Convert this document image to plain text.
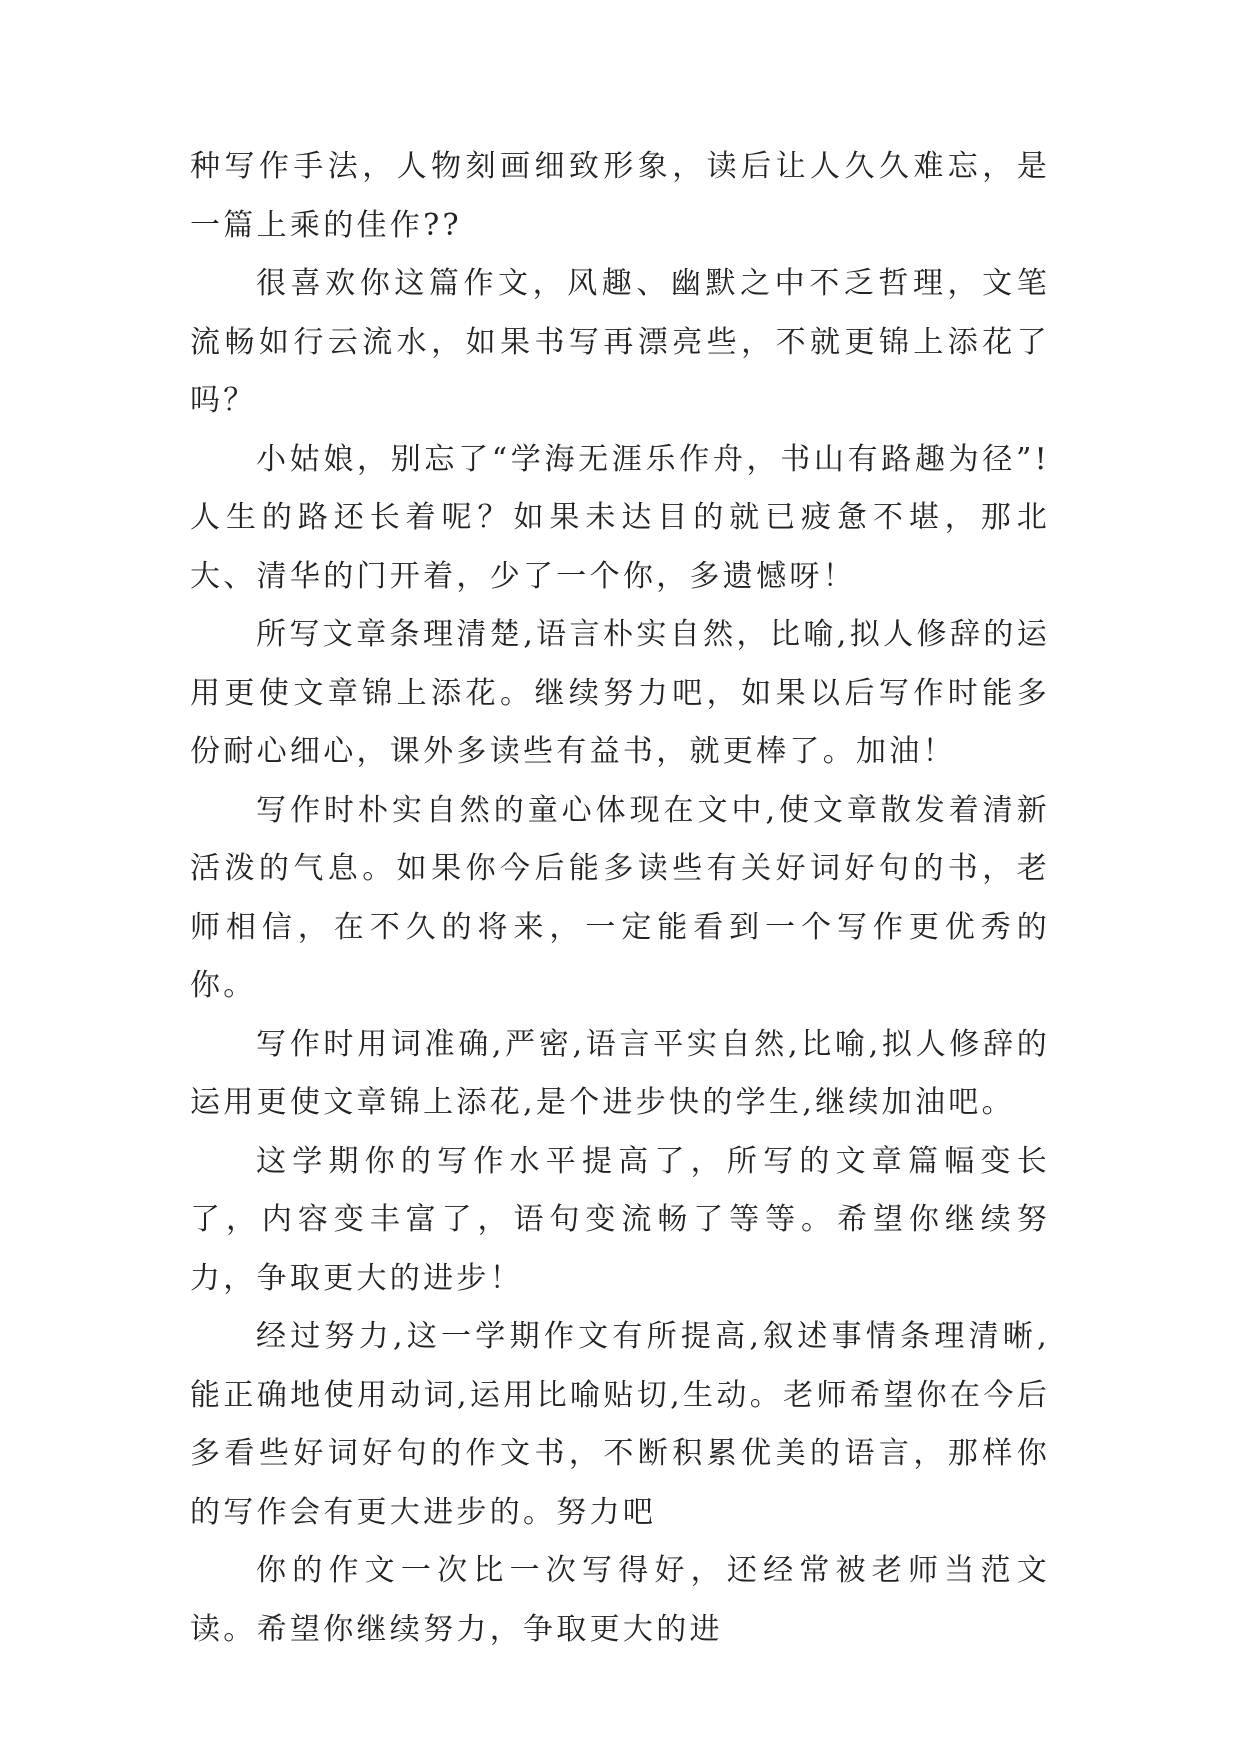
种写作手法，人物刻画细致形象，读后让人久久难忘，是一篇上乘的佳作??

很喜欢你这篇作文，风趣、幽默之中不乏哲理，文笔流畅如行云流水，如果书写再漂亮些，不就更锦上添花了吗？

小姑娘，别忘了“学海无涯乐作舟，书山有路趣为径”!人生的路还长着呢？如果未达目的就已疲惫不堪，那北大、清华的门开着，少了一个你，多遗憾呀！

所写文章条理清楚,语言朴实自然，比喻,拟人修辞的运用更使文章锦上添花。继续努力吧，如果以后写作时能多份耐心细心，课外多读些有益书，就更棒了。加油！

写作时朴实自然的童心体现在文中,使文章散发着清新活泼的气息。如果你今后能多读些有关好词好句的书，老师相信，在不久的将来，一定能看到一个写作更优秀的你。

写作时用词准确,严密,语言平实自然,比喻,拟人修辞的运用更使文章锦上添花,是个进步快的学生,继续加油吧。

这学期你的写作水平提高了，所写的文章篇幅变长了，内容变丰富了，语句变流畅了等等。希望你继续努力，争取更大的进步！

经过努力,这一学期作文有所提高,叙述事情条理清晰,能正确地使用动词,运用比喻贴切,生动。老师希望你在今后多看些好词好句的作文书，不断积累优美的语言，那样你的写作会有更大进步的。努力吧

你的作文一次比一次写得好，还经常被老师当范文读。希望你继续努力，争取更大的进
